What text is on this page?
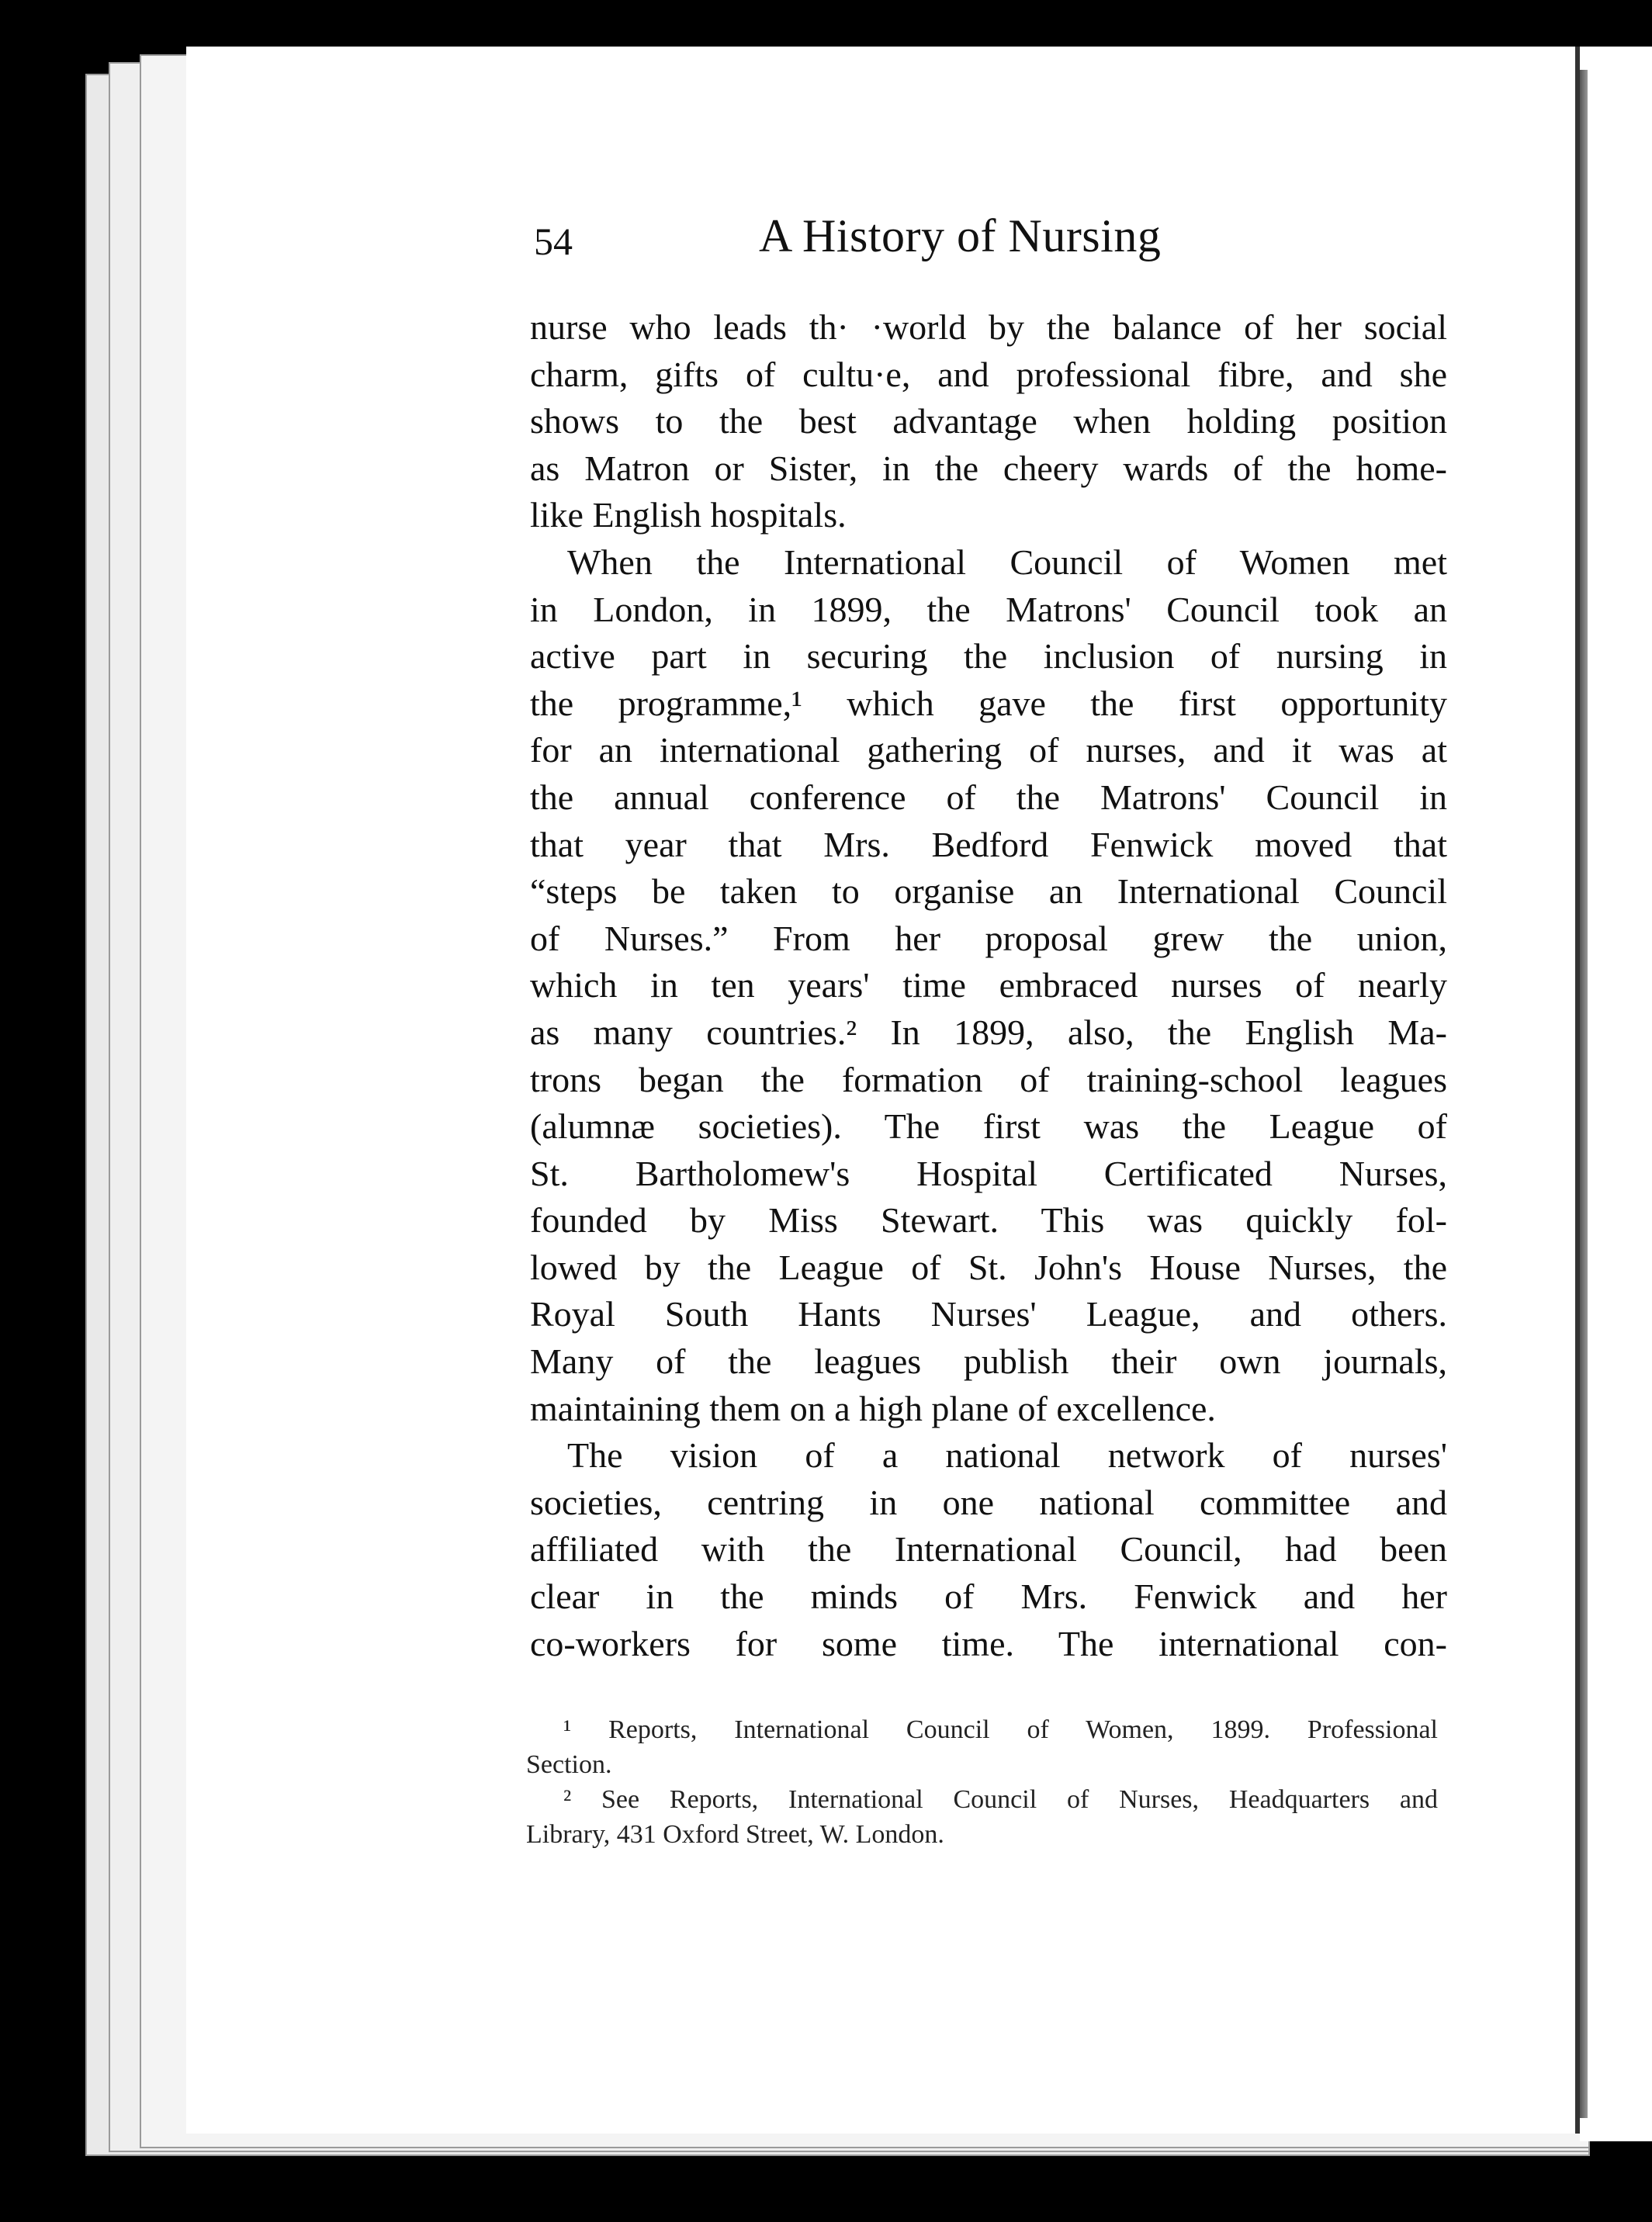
54	A History of Nursing
nurse who leads th· ·world by the balance of her social
charm, gifts of cultu·e, and professional fibre, and she
shows to the best advantage when holding position
as Matron or Sister, in the cheery wards of the home-
like English hospitals.
When the International Council of Women met
in London, in 1899, the Matrons' Council took an
active part in securing the inclusion of nursing in
the programme,¹ which gave the first opportunity
for an international gathering of nurses, and it was at
the annual conference of the Matrons' Council in
that year that Mrs. Bedford Fenwick moved that
“steps be taken to organise an International Council
of Nurses.” From her proposal grew the union,
which in ten years' time embraced nurses of nearly
as many countries.² In 1899, also, the English Ma-
trons began the formation of training-school leagues
(alumnæ societies). The first was the League of
St. Bartholomew's Hospital Certificated Nurses,
founded by Miss Stewart. This was quickly fol-
lowed by the League of St. John's House Nurses, the
Royal South Hants Nurses' League, and others.
Many of the leagues publish their own journals,
maintaining them on a high plane of excellence.
The vision of a national network of nurses'
societies, centring in one national committee and
affiliated with the International Council, had been
clear in the minds of Mrs. Fenwick and her
co-workers for some time. The international con-
¹ Reports, International Council of Women, 1899. Professional
Section.
² See Reports, International Council of Nurses, Headquarters and
Library, 431 Oxford Street, W. London.
